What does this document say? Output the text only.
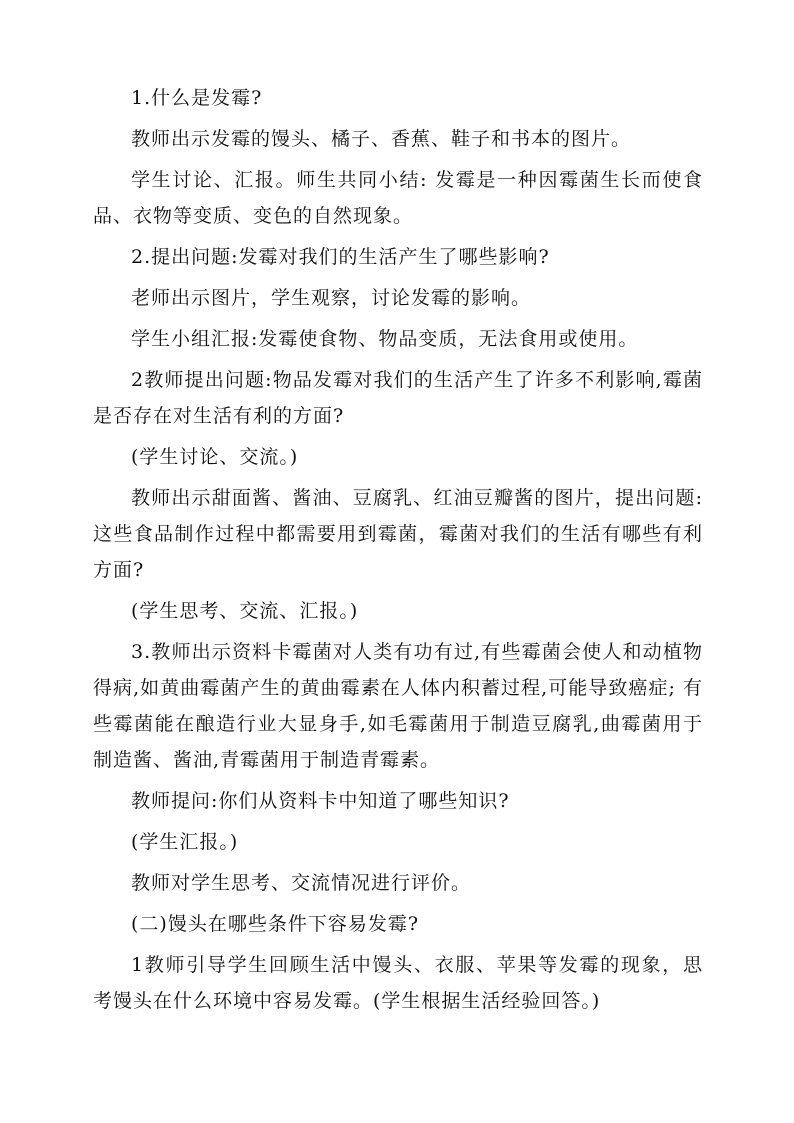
1.什么是发霉?

教师出示发霉的馒头、橘子、香蕉、鞋子和书本的图片。

学生讨论、汇报。师生共同小结: 发霉是一种因霉菌生长而使食品、衣物等变质、变色的自然现象。

2.提出问题:发霉对我们的生活产生了哪些影响?

老师出示图片，学生观察，讨论发霉的影响。

学生小组汇报:发霉使食物、物品变质，无法食用或使用。

2教师提出问题:物品发霉对我们的生活产生了许多不利影响,霉菌是否存在对生活有利的方面?

(学生讨论、交流。)

教师出示甜面酱、酱油、豆腐乳、红油豆瓣酱的图片，提出问题:这些食品制作过程中都需要用到霉菌，霉菌对我们的生活有哪些有利方面?

(学生思考、交流、汇报。)

3.教师出示资料卡霉菌对人类有功有过,有些霉菌会使人和动植物得病,如黄曲霉菌产生的黄曲霉素在人体内积蓄过程,可能导致癌症; 有些霉菌能在酿造行业大显身手,如毛霉菌用于制造豆腐乳,曲霉菌用于制造酱、酱油,青霉菌用于制造青霉素。

教师提问:你们从资料卡中知道了哪些知识?

(学生汇报。)

教师对学生思考、交流情况进行评价。

(二)馒头在哪些条件下容易发霉?

1教师引导学生回顾生活中馒头、衣服、苹果等发霉的现象，思考馒头在什么环境中容易发霉。(学生根据生活经验回答。)
